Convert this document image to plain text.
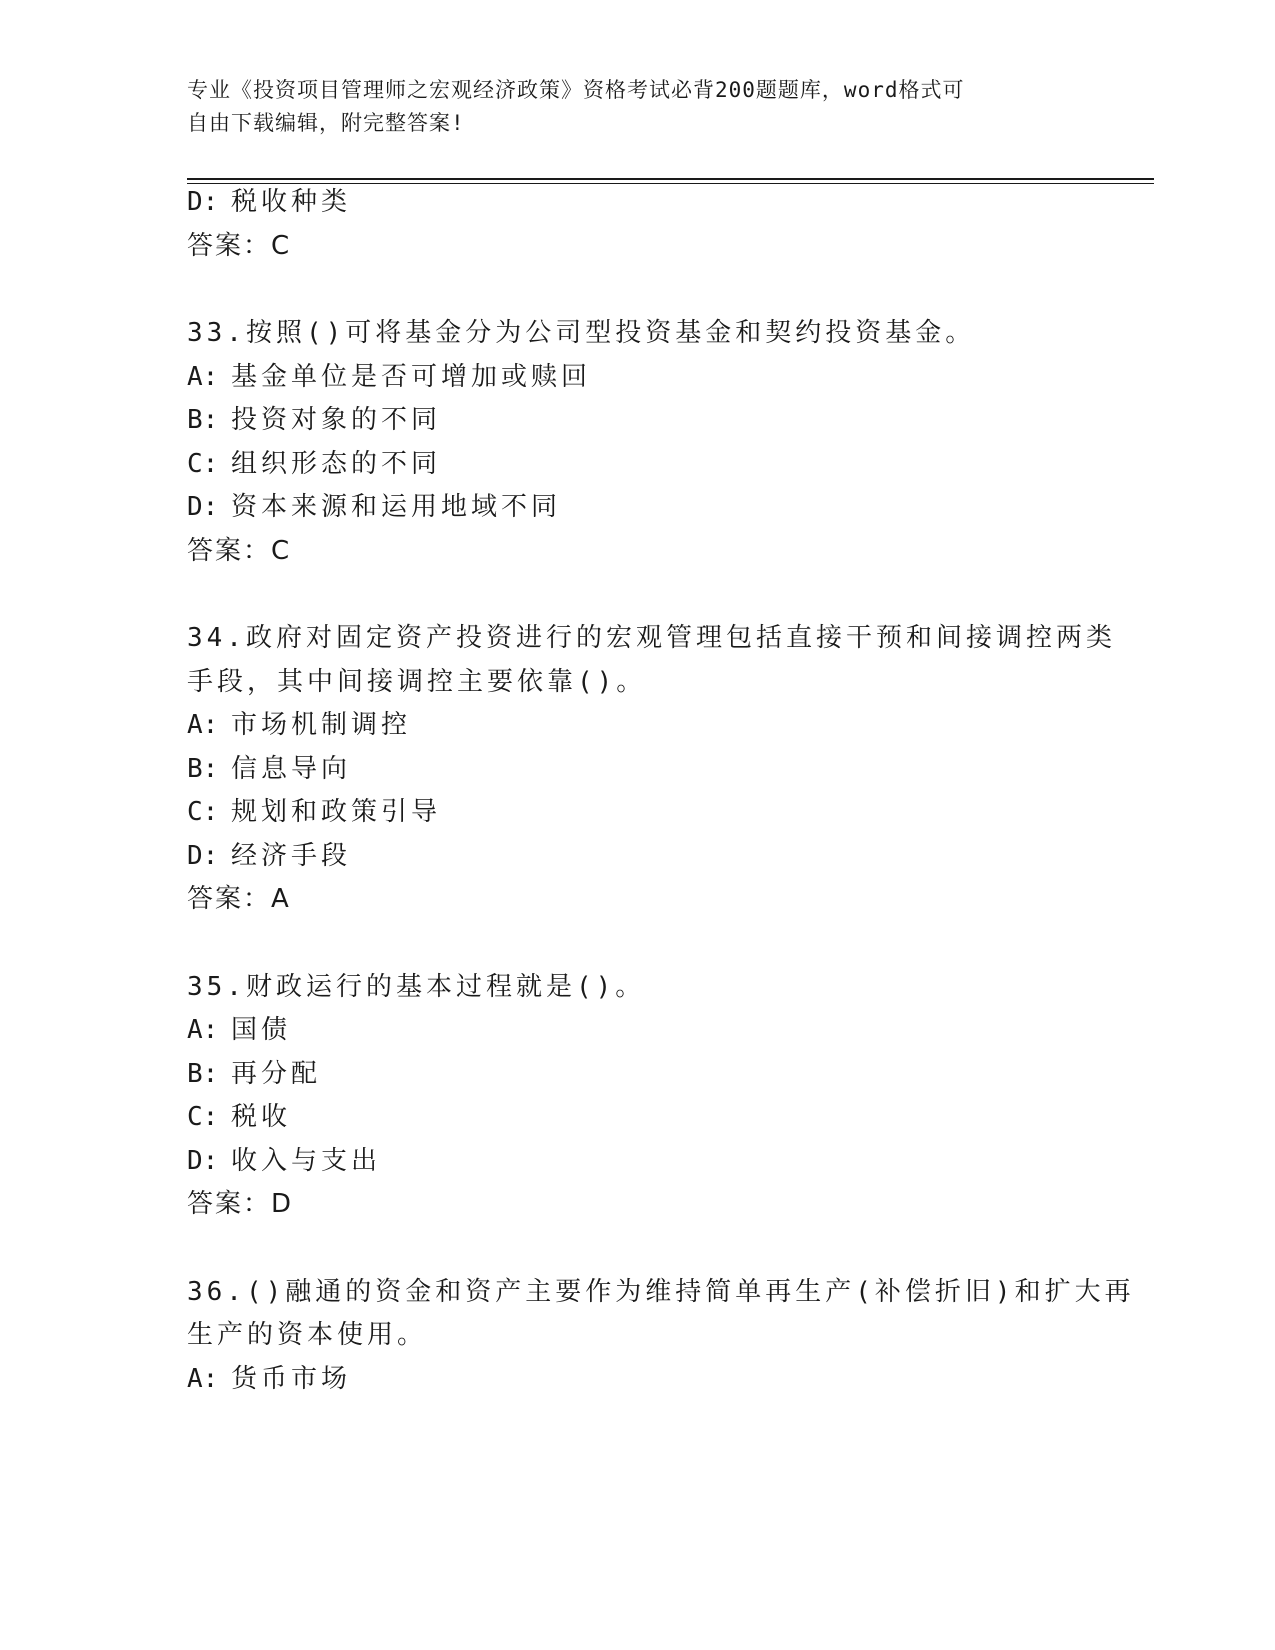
专业《投资项目管理师之宏观经济政策》资格考试必背200题题库，word格式可
自由下载编辑，附完整答案!
D: 税收种类
答案：C
33.按照()可将基金分为公司型投资基金和契约投资基金。
A: 基金单位是否可增加或赎回
B: 投资对象的不同
C: 组织形态的不同
D: 资本来源和运用地域不同
答案：C
34.政府对固定资产投资进行的宏观管理包括直接干预和间接调控两类
手段，其中间接调控主要依靠()。
A: 市场机制调控
B: 信息导向
C: 规划和政策引导
D: 经济手段
答案：A
35.财政运行的基本过程就是()。
A: 国债
B: 再分配
C: 税收
D: 收入与支出
答案：D
36.()融通的资金和资产主要作为维持简单再生产(补偿折旧)和扩大再
生产的资本使用。
A: 货币市场
